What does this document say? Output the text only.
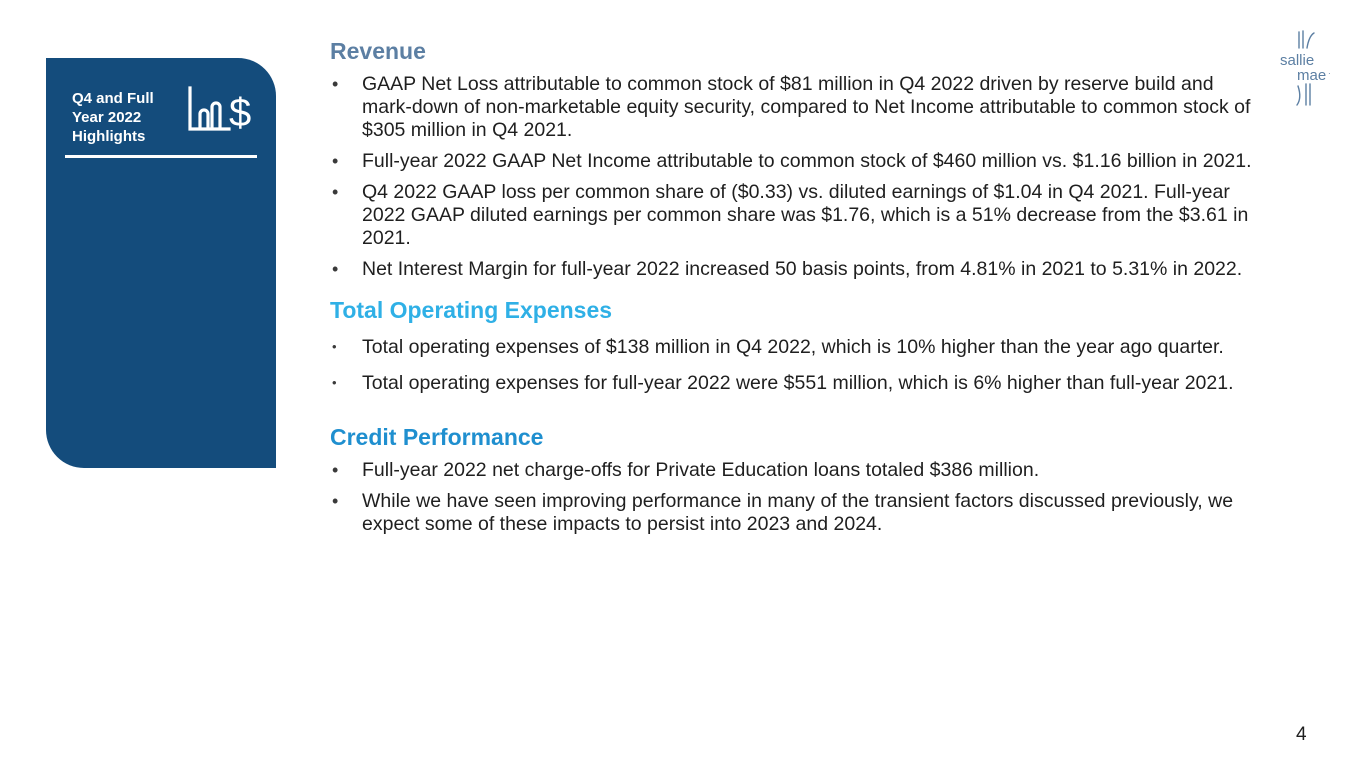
Q4 and Full
Year 2022
Highlights
$
sallie
mae ·
Revenue
• GAAP Net Loss attributable to common stock of $81 million in Q4 2022 driven by reserve build and mark-down of non-marketable equity security, compared to Net Income attributable to common stock of $305 million in Q4 2021.
• Full-year 2022 GAAP Net Income attributable to common stock of $460 million vs. $1.16 billion in 2021.
• Q4 2022 GAAP loss per common share of ($0.33) vs. diluted earnings of $1.04 in Q4 2021. Full-year 2022 GAAP diluted earnings per common share was $1.76, which is a 51% decrease from the $3.61 in 2021.
• Net Interest Margin for full-year 2022 increased 50 basis points, from 4.81% in 2021 to 5.31% in 2022.
Total Operating Expenses
• Total operating expenses of $138 million in Q4 2022, which is 10% higher than the year ago quarter.
• Total operating expenses for full-year 2022 were $551 million, which is 6% higher than full-year 2021.
Credit Performance
• Full-year 2022 net charge-offs for Private Education loans totaled $386 million.
• While we have seen improving performance in many of the transient factors discussed previously, we expect some of these impacts to persist into 2023 and 2024.
4
